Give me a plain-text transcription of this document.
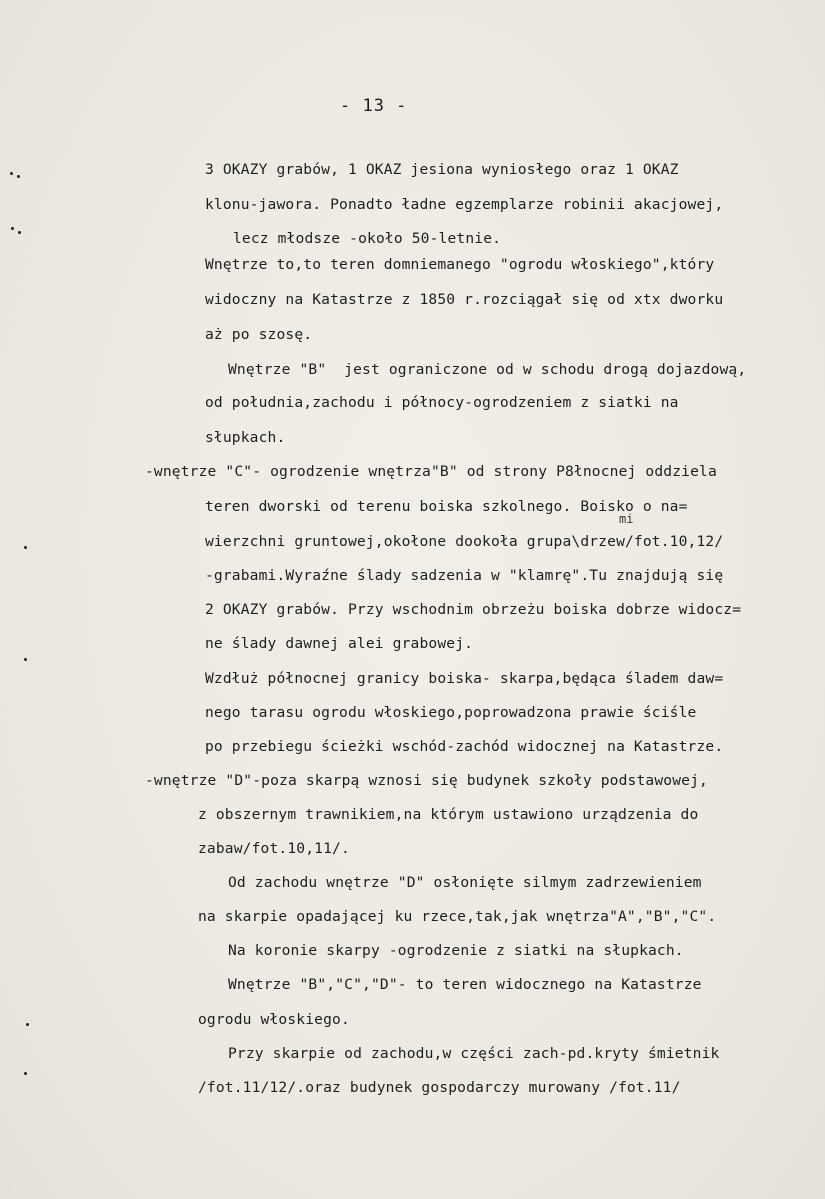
- 13 -
mi
3 OKAZY grabów, 1 OKAZ jesiona wyniosłego oraz 1 OKAZ
klonu-jawora. Ponadto ładne egzemplarze robinii akacjowej,
lecz młodsze -około 50-letnie.
Wnętrze to,to teren domniemanego "ogrodu włoskiego",który
widoczny na Katastrze z 1850 r.rozciągał się od xtx dworku
aż po szosę.
Wnętrze "B"  jest ograniczone od w schodu drogą dojazdową,
od południa,zachodu i północy-ogrodzeniem z siatki na
słupkach.
-wnętrze "C"- ogrodzenie wnętrza"B" od strony P8łnocnej oddziela
teren dworski od terenu boiska szkolnego. Boisko o na=
wierzchni gruntowej,okołone dookoła grupa\drzew/fot.10,12/
-grabami.Wyraźne ślady sadzenia w "klamrę".Tu znajdują się
2 OKAZY grabów. Przy wschodnim obrzeżu boiska dobrze widocz=
ne ślady dawnej alei grabowej.
Wzdłuż północnej granicy boiska- skarpa,będąca śladem daw=
nego tarasu ogrodu włoskiego,poprowadzona prawie ściśle
po przebiegu ścieżki wschód-zachód widocznej na Katastrze.
-wnętrze "D"-poza skarpą wznosi się budynek szkoły podstawowej,
z obszernym trawnikiem,na którym ustawiono urządzenia do
zabaw/fot.10,11/.
Od zachodu wnętrze "D" osłonięte silmym zadrzewieniem
na skarpie opadającej ku rzece,tak,jak wnętrza"A","B","C".
Na koronie skarpy -ogrodzenie z siatki na słupkach.
Wnętrze "B","C","D"- to teren widocznego na Katastrze
ogrodu włoskiego.
Przy skarpie od zachodu,w części zach-pd.kryty śmietnik
/fot.11/12/.oraz budynek gospodarczy murowany /fot.11/
